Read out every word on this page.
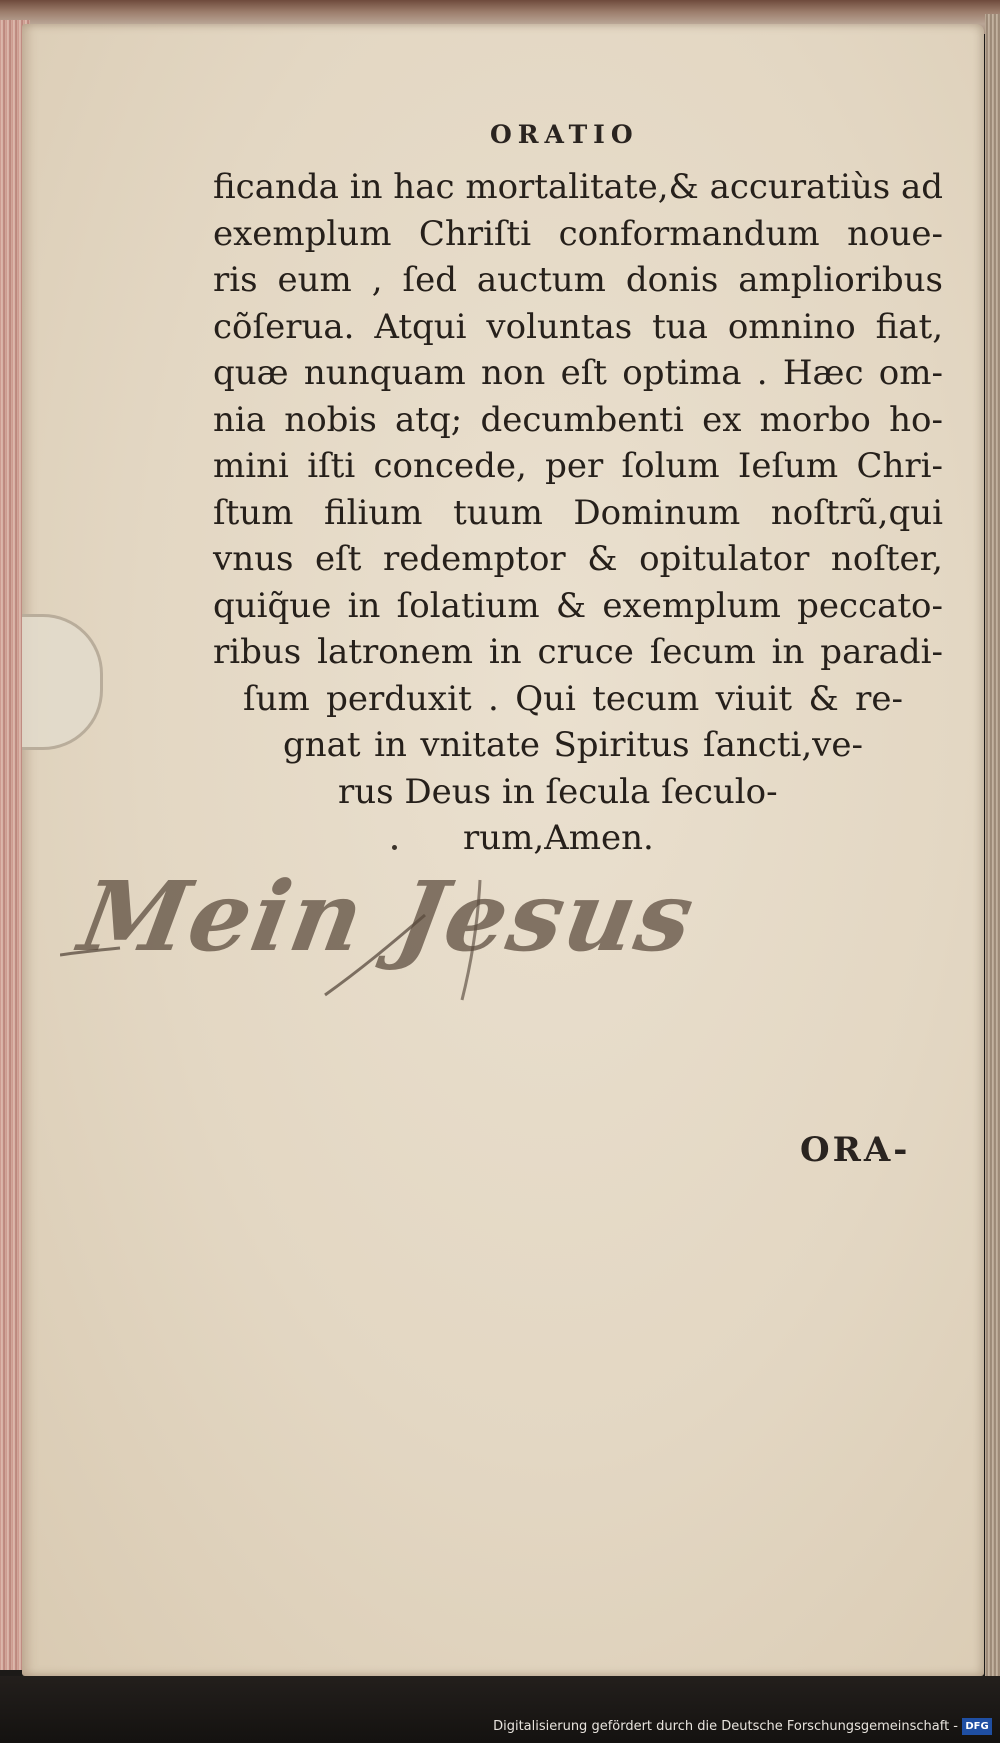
ORATIO
ficanda in hac mortalitate,& accuratiùs ad
exemplum Chriſti conformandum noue-
ris eum , ſed auctum donis amplioribus
cõſerua. Atqui voluntas tua omnino fiat,
quæ nunquam non eſt optima . Hæc om-
nia nobis atq; decumbenti ex morbo ho-
mini iſti concede, per ſolum Ieſum Chri-
ſtum filium tuum Dominum noſtrũ,qui
vnus eſt redemptor & opitulator noſter,
quiq̃ue in ſolatium & exemplum peccato-
ribus latronem in cruce ſecum in paradi-
ſum perduxit . Qui tecum viuit & re-
gnat in vnitate Spiritus ſancti,ve-
rus Deus in ſecula ſeculo-
rum,Amen.
Mein Jesus
ORA-
Digitalisierung gefördert durch die Deutsche Forschungsgemeinschaft - DFG
